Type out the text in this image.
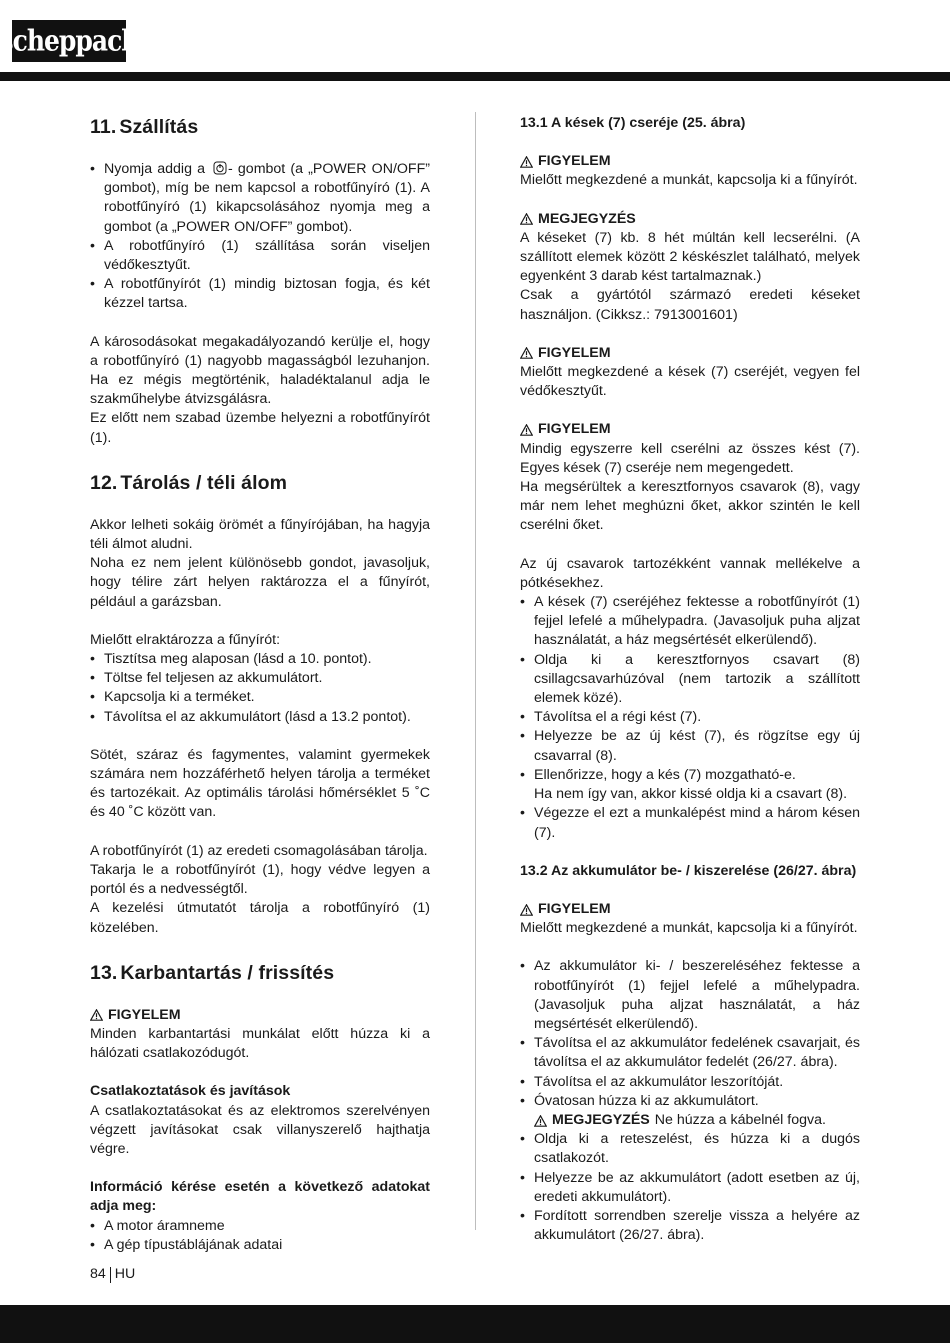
scheppach
11. Szállítás
• Nyomja addig a - gombot (a „POWER ON/OFF” gombot), míg be nem kapcsol a robotfűnyíró (1). A robotfűnyíró (1) kikapcsolásához nyomja meg a gombot (a „POWER ON/OFF” gombot).
• A robotfűnyíró (1) szállítása során viseljen védőkesztyűt.
• A robotfűnyírót (1) mindig biztosan fogja, és két kézzel tartsa.

A károsodásokat megakadályozandó kerülje el, hogy a robotfűnyíró (1) nagyobb magasságból lezuhanjon. Ha ez mégis megtörténik, haladéktalanul adja le szakműhelybe átvizsgálásra.

Ez előtt nem szabad üzembe helyezni a robotfűnyírót (1).

12. Tárolás / téli álom

Akkor lelheti sokáig örömét a fűnyírójában, ha hagyja téli álmot aludni.

Noha ez nem jelent különösebb gondot, javasoljuk, hogy télire zárt helyen raktározza el a fűnyírót, például a garázsban.

Mielőtt elraktározza a fűnyírót:

• Tisztítsa meg alaposan (lásd a 10. pontot).
• Töltse fel teljesen az akkumulátort.
• Kapcsolja ki a terméket.
• Távolítsa el az akkumulátort (lásd a 13.2 pontot).

Sötét, száraz és fagymentes, valamint gyermekek számára nem hozzáférhető helyen tárolja a terméket és tartozékait. Az optimális tárolási hőmérséklet 5 ˚C és 40 ˚C között van.

A robotfűnyírót (1) az eredeti csomagolásában tárolja.

Takarja le a robotfűnyírót (1), hogy védve legyen a portól és a nedvességtől.

A kezelési útmutatót tárolja a robotfűnyíró (1) közelében.

13. Karbantartás / frissítés
FIGYELEM

Minden karbantartási munkálat előtt húzza ki a hálózati csatlakozódugót.

Csatlakoztatások és javítások

A csatlakoztatásokat és az elektromos szerelvényen végzett javításokat csak villanyszerelő hajthatja végre.

Információ kérése esetén a következő adatokat adja meg:

• A motor áramneme
• A gép típustáblájának adatai
13.1 A kések (7) cseréje (25. ábra)
FIGYELEM

Mielőtt megkezdené a munkát, kapcsolja ki a fűnyírót.

MEGJEGYZÉS

A késeket (7) kb. 8 hét múltán kell lecserélni. (A szállított elemek között 2 késkészlet található, melyek egyenként 3 darab kést tartalmaznak.)

Csak a gyártótól származó eredeti késeket használjon. (Cikksz.: 7913001601)

FIGYELEM

Mielőtt megkezdené a kések (7) cseréjét, vegyen fel védőkesztyűt.

FIGYELEM

Mindig egyszerre kell cserélni az összes kést (7). Egyes kések (7) cseréje nem megengedett.

Ha megsérültek a keresztfornyos csavarok (8), vagy már nem lehet meghúzni őket, akkor szintén le kell cserélni őket.

Az új csavarok tartozékként vannak mellékelve a pótkésekhez.

• A kések (7) cseréjéhez fektesse a robotfűnyírót (1) fejjel lefelé a műhelypadra. (Javasoljuk puha aljzat használatát, a ház megsértését elkerülendő).
• Oldja ki a keresztfornyos csavart (8) csillagcsavarhúzóval (nem tartozik a szállított elemek közé).
• Távolítsa el a régi kést (7).
• Helyezze be az új kést (7), és rögzítse egy új csavarral (8).
• Ellenőrizze, hogy a kés (7) mozgatható-e.
Ha nem így van, akkor kissé oldja ki a csavart (8).
• Végezze el ezt a munkalépést mind a három késen (7).
13.2 Az akkumulátor be- / kiszerelése (26/27. ábra)
FIGYELEM

Mielőtt megkezdené a munkát, kapcsolja ki a fűnyírót.

• Az akkumulátor ki- / beszereléséhez fektesse a robotfűnyírót (1) fejjel lefelé a műhelypadra. (Javasoljuk puha aljzat használatát, a ház megsértését elkerülendő).
• Távolítsa el az akkumulátor fedelének csavarjait, és távolítsa el az akkumulátor fedelét (26/27. ábra).
• Távolítsa el az akkumulátor leszorítóját.
• Óvatosan húzza ki az akkumulátort.
MEGJEGYZÉS Ne húzza a kábelnél fogva.
• Oldja ki a reteszelést, és húzza ki a dugós csatlakozót.
• Helyezze be az akkumulátort (adott esetben az új, eredeti akkumulátort).
• Fordított sorrendben szerelje vissza a helyére az akkumulátort (26/27. ábra).
84 HU
